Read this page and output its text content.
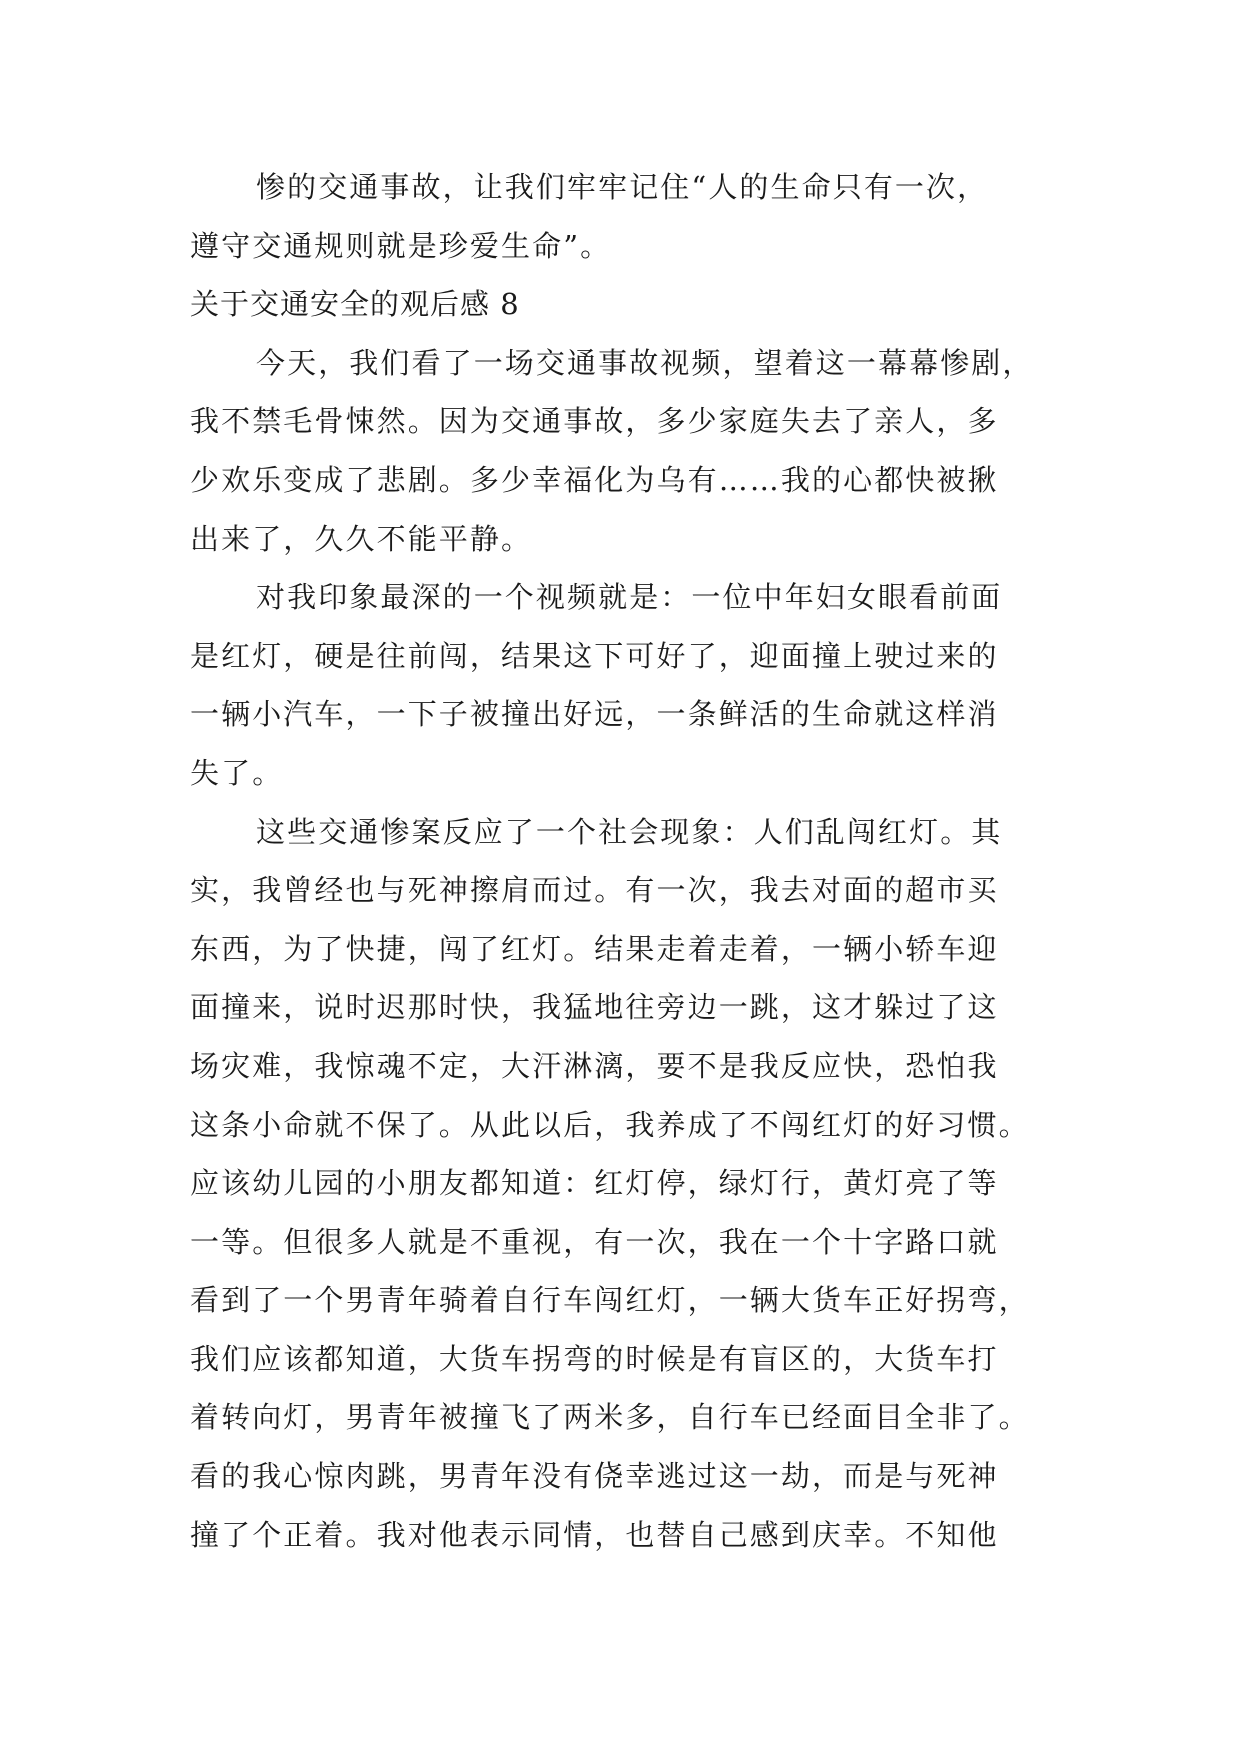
惨的交通事故，让我们牢牢记住“人的生命只有一次，

遵守交通规则就是珍爱生命”。

关于交通安全的观后感 8

今天，我们看了一场交通事故视频，望着这一幕幕惨剧，

我不禁毛骨悚然。因为交通事故，多少家庭失去了亲人，多

少欢乐变成了悲剧。多少幸福化为乌有……我的心都快被揪

出来了，久久不能平静。

对我印象最深的一个视频就是：一位中年妇女眼看前面

是红灯，硬是往前闯，结果这下可好了，迎面撞上驶过来的

一辆小汽车，一下子被撞出好远，一条鲜活的生命就这样消

失了。

这些交通惨案反应了一个社会现象：人们乱闯红灯。其

实，我曾经也与死神擦肩而过。有一次，我去对面的超市买

东西，为了快捷，闯了红灯。结果走着走着，一辆小轿车迎

面撞来，说时迟那时快，我猛地往旁边一跳，这才躲过了这

场灾难，我惊魂不定，大汗淋漓，要不是我反应快，恐怕我

这条小命就不保了。从此以后，我养成了不闯红灯的好习惯。

应该幼儿园的小朋友都知道：红灯停，绿灯行，黄灯亮了等

一等。但很多人就是不重视，有一次，我在一个十字路口就

看到了一个男青年骑着自行车闯红灯，一辆大货车正好拐弯，

我们应该都知道，大货车拐弯的时候是有盲区的，大货车打

着转向灯，男青年被撞飞了两米多，自行车已经面目全非了。

看的我心惊肉跳，男青年没有侥幸逃过这一劫，而是与死神

撞了个正着。我对他表示同情，也替自己感到庆幸。不知他
